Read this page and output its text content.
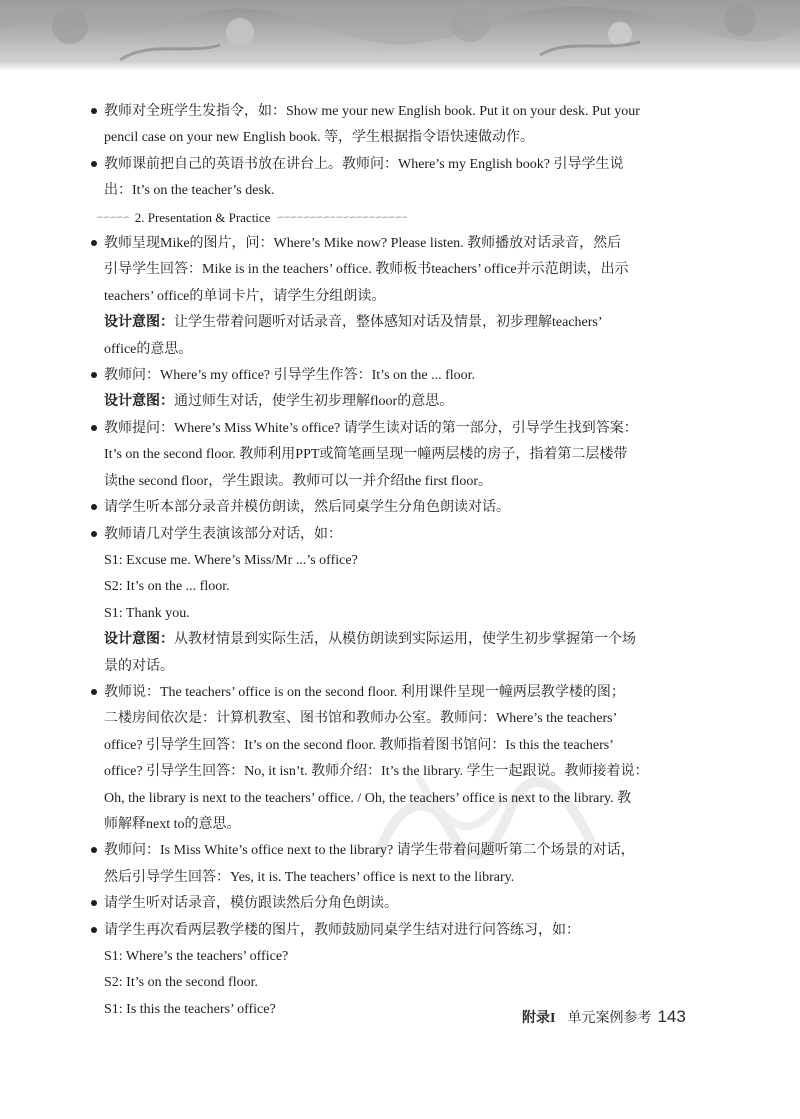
教师对全班学生发指令，如：Show me your new English book. Put it on your desk. Put your

pencil case on your new English book. 等，学生根据指令语快速做动作。

教师课前把自己的英语书放在讲台上。教师问：Where’s my English book? 引导学生说

出：It’s on the teacher’s desk.

∽∽∽∽∽ 2. Presentation & Practice ∽∽∽∽∽∽∽∽∽∽∽∽∽∽∽∽∽∽∽∽

教师呈现Mike的图片，问：Where’s Mike now? Please listen. 教师播放对话录音，然后

引导学生回答：Mike is in the teachers’ office. 教师板书teachers’ office并示范朗读，出示

teachers’ office的单词卡片，请学生分组朗读。

设计意图：让学生带着问题听对话录音，整体感知对话及情景，初步理解teachers’

office的意思。

教师问：Where’s my office? 引导学生作答：It’s on the ... floor.

设计意图：通过师生对话，使学生初步理解floor的意思。

教师提问：Where’s Miss White’s office? 请学生读对话的第一部分，引导学生找到答案：

It’s on the second floor. 教师利用PPT或简笔画呈现一幢两层楼的房子，指着第二层楼带

读the second floor，学生跟读。教师可以一并介绍the first floor。

请学生听本部分录音并模仿朗读，然后同桌学生分角色朗读对话。

教师请几对学生表演该部分对话，如：

S1: Excuse me. Where’s Miss/Mr ...’s office?

S2: It’s on the ... floor.

S1: Thank you.

设计意图：从教材情景到实际生活，从模仿朗读到实际运用，使学生初步掌握第一个场

景的对话。

教师说：The teachers’ office is on the second floor. 利用课件呈现一幢两层教学楼的图；

二楼房间依次是：计算机教室、图书馆和教师办公室。教师问：Where’s the teachers’

office? 引导学生回答：It’s on the second floor. 教师指着图书馆问：Is this the teachers’

office? 引导学生回答：No, it isn’t. 教师介绍：It’s the library. 学生一起跟说。教师接着说：

Oh, the library is next to the teachers’ office. / Oh, the teachers’ office is next to the library. 教

师解释next to的意思。

教师问：Is Miss White’s office next to the library? 请学生带着问题听第二个场景的对话，

然后引导学生回答：Yes, it is. The teachers’ office is next to the library.

请学生听对话录音，模仿跟读然后分角色朗读。

请学生再次看两层教学楼的图片，教师鼓励同桌学生结对进行问答练习，如：

S1: Where’s the teachers’ office?

S2: It’s on the second floor.

S1: Is this the teachers’ office?

附录I 单元案例参考 143
